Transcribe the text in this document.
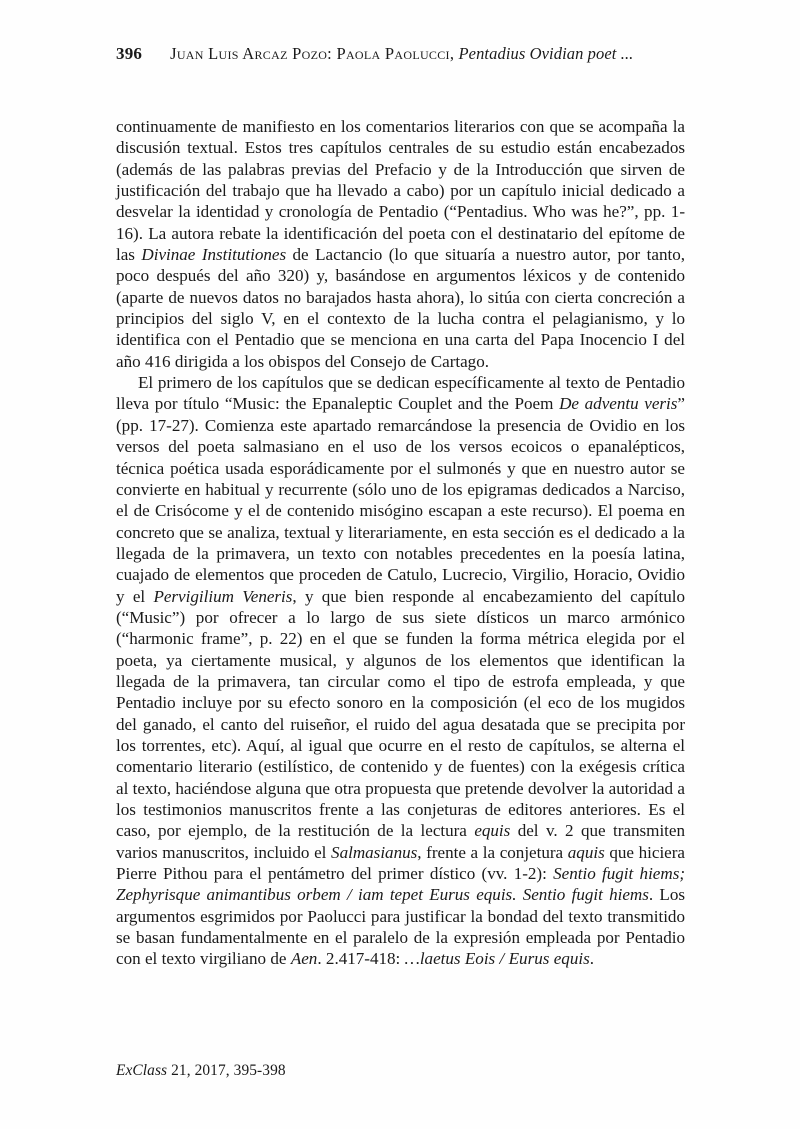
396 Juan Luis Arcaz Pozo: Paola Paolucci, Pentadius Ovidian poet ...

continuamente de manifiesto en los comentarios literarios con que se acompaña la discusión textual. Estos tres capítulos centrales de su estudio están encabezados (además de las palabras previas del Prefacio y de la Introducción que sirven de justificación del trabajo que ha llevado a cabo) por un capítulo inicial dedicado a desvelar la identidad y cronología de Pentadio (“Pentadius. Who was he?”, pp. 1-16). La autora rebate la identificación del poeta con el destinatario del epítome de las Divinae Institutiones de Lactancio (lo que situaría a nuestro autor, por tanto, poco después del año 320) y, basándose en argumentos léxicos y de contenido (aparte de nuevos datos no barajados hasta ahora), lo sitúa con cierta concreción a principios del siglo V, en el contexto de la lucha contra el pelagianismo, y lo identifica con el Pentadio que se menciona en una carta del Papa Inocencio I del año 416 dirigida a los obispos del Consejo de Cartago.

El primero de los capítulos que se dedican específicamente al texto de Pentadio lleva por título “Music: the Epanaleptic Couplet and the Poem De adventu veris” (pp. 17-27). Comienza este apartado remarcándose la presencia de Ovidio en los versos del poeta salmasiano en el uso de los versos ecoicos o epanalépticos, técnica poética usada esporádicamente por el sulmonés y que en nuestro autor se convierte en habitual y recurrente (sólo uno de los epigramas dedicados a Narciso, el de Crisócome y el de contenido misógino escapan a este recurso). El poema en concreto que se analiza, textual y literariamente, en esta sección es el dedicado a la llegada de la primavera, un texto con notables precedentes en la poesía latina, cuajado de elementos que proceden de Catulo, Lucrecio, Virgilio, Horacio, Ovidio y el Pervigilium Veneris, y que bien responde al encabezamiento del capítulo (“Music”) por ofrecer a lo largo de sus siete dísticos un marco armónico (“harmonic frame”, p. 22) en el que se funden la forma métrica elegida por el poeta, ya ciertamente musical, y algunos de los elementos que identifican la llegada de la primavera, tan circular como el tipo de estrofa empleada, y que Pentadio incluye por su efecto sonoro en la composición (el eco de los mugidos del ganado, el canto del ruiseñor, el ruido del agua desatada que se precipita por los torrentes, etc). Aquí, al igual que ocurre en el resto de capítulos, se alterna el comentario literario (estilístico, de contenido y de fuentes) con la exégesis crítica al texto, haciéndose alguna que otra propuesta que pretende devolver la autoridad a los testimonios manuscritos frente a las conjeturas de editores anteriores. Es el caso, por ejemplo, de la restitución de la lectura equis del v. 2 que transmiten varios manuscritos, incluido el Salmasianus, frente a la conjetura aquis que hiciera Pierre Pithou para el pentámetro del primer dístico (vv. 1-2): Sentio fugit hiems; Zephyrisque animantibus orbem / iam tepet Eurus equis. Sentio fugit hiems. Los argumentos esgrimidos por Paolucci para justificar la bondad del texto transmitido se basan fundamentalmente en el paralelo de la expresión empleada por Pentadio con el texto virgiliano de Aen. 2.417-418: …laetus Eois / Eurus equis.

ExClass 21, 2017, 395-398
